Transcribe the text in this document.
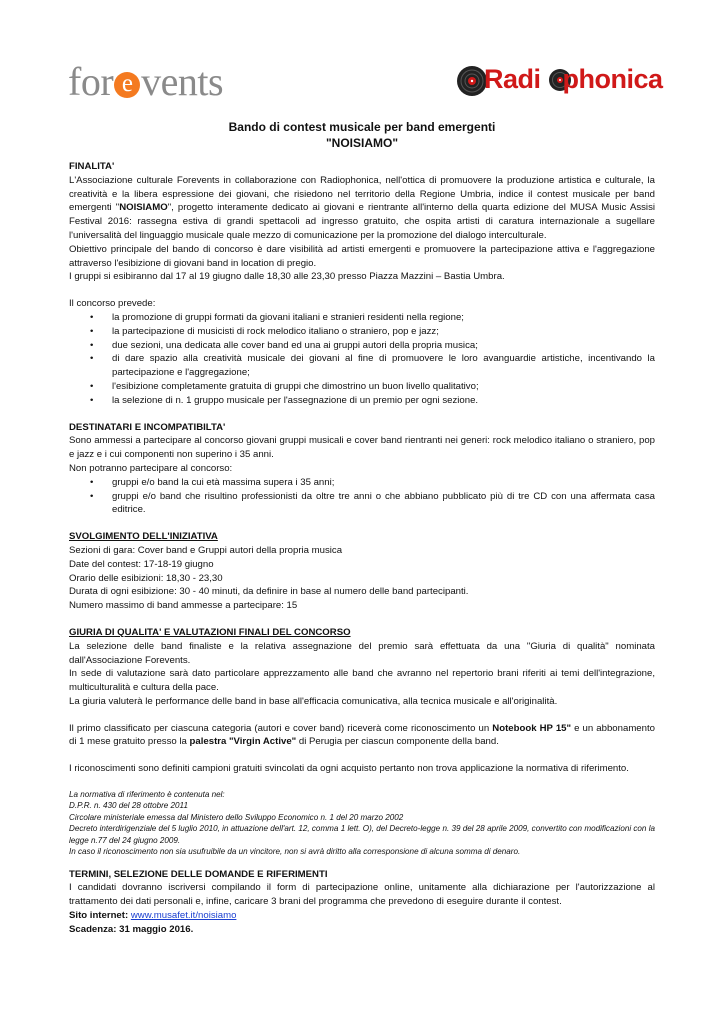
for e vents	Radi phonica
Bando di contest musicale per band emergenti
"NOISIAMO"
FINALITA'

L'Associazione culturale Forevents in collaborazione con Radiophonica, nell'ottica di promuovere la produzione artistica e culturale, la creatività e la libera espressione dei giovani, che risiedono nel territorio della Regione Umbria, indice il contest musicale per band emergenti "NOISIAMO", progetto interamente dedicato ai giovani e rientrante all'interno della quarta edizione del MUSA Music Assisi Festival 2016: rassegna estiva di grandi spettacoli ad ingresso gratuito, che ospita artisti di caratura internazionale a sugellare l'universalità del linguaggio musicale quale mezzo di comunicazione per la promozione del dialogo interculturale.

Obiettivo principale del bando di concorso è dare visibilità ad artisti emergenti e promuovere la partecipazione attiva e l'aggregazione attraverso l'esibizione di giovani band in location di pregio.

I gruppi si esibiranno dal 17 al 19 giugno dalle 18,30 alle 23,30 presso Piazza Mazzini – Bastia Umbra.

Il concorso prevede:

• la promozione di gruppi formati da giovani italiani e stranieri residenti nella regione;
• la partecipazione di musicisti di rock melodico italiano o straniero, pop e jazz;
• due sezioni, una dedicata alle cover band ed una ai gruppi autori della propria musica;
• di dare spazio alla creatività musicale dei giovani al fine di promuovere le loro avanguardie artistiche, incentivando la partecipazione e l'aggregazione;
• l'esibizione completamente gratuita di gruppi che dimostrino un buon livello qualitativo;
• la selezione di n. 1 gruppo musicale per l'assegnazione di un premio per ogni sezione.
DESTINATARI E INCOMPATIBILTA'

Sono ammessi a partecipare al concorso giovani gruppi musicali e cover band rientranti nei generi: rock melodico italiano o straniero, pop e jazz e i cui componenti non superino i 35 anni.

Non potranno partecipare al concorso:

• gruppi e/o band la cui età massima supera i 35 anni;
• gruppi e/o band che risultino professionisti da oltre tre anni o che abbiano pubblicato più di tre CD con una affermata casa editrice.
SVOLGIMENTO DELL'INIZIATIVA

Sezioni di gara: Cover band e Gruppi autori della propria musica

Date del contest: 17-18-19 giugno

Orario delle esibizioni: 18,30 - 23,30

Durata di ogni esibizione: 30 - 40 minuti, da definire in base al numero delle band partecipanti.

Numero massimo di band ammesse a partecipare: 15

GIURIA DI QUALITA' E VALUTAZIONI FINALI DEL CONCORSO

La selezione delle band finaliste e la relativa assegnazione del premio sarà effettuata da una "Giuria di qualità" nominata dall'Associazione Forevents.

In sede di valutazione sarà dato particolare apprezzamento alle band che avranno nel repertorio brani riferiti ai temi dell'integrazione, multiculturalità e cultura della pace.

La giuria valuterà le performance delle band in base all'efficacia comunicativa, alla tecnica musicale e all'originalità.

Il primo classificato per ciascuna categoria (autori e cover band) riceverà come riconoscimento un Notebook HP 15" e un abbonamento di 1 mese gratuito presso la palestra "Virgin Active" di Perugia per ciascun componente della band.

I riconoscimenti sono definiti campioni gratuiti svincolati da ogni acquisto pertanto non trova applicazione la normativa di riferimento.

La normativa di riferimento è contenuta nel:

D.P.R. n. 430 del 28 ottobre 2011

Circolare ministeriale emessa dal Ministero dello Sviluppo Economico n. 1 del 20 marzo 2002

Decreto interdirigenziale del 5 luglio 2010, in attuazione dell'art. 12, comma 1 lett. O), del Decreto-legge n. 39 del 28 aprile 2009, convertito con modificazioni con la legge n.77 del 24 giugno 2009.

In caso il riconoscimento non sia usufruibile da un vincitore, non si avrà diritto alla corresponsione di alcuna somma di denaro.

TERMINI, SELEZIONE DELLE DOMANDE E RIFERIMENTI

I candidati dovranno iscriversi compilando il form di partecipazione online, unitamente alla dichiarazione per l'autorizzazione al trattamento dei dati personali e, infine, caricare 3 brani del programma che prevedono di eseguire durante il contest.

Sito internet: www.musafet.it/noisiamo

Scadenza: 31 maggio 2016.
